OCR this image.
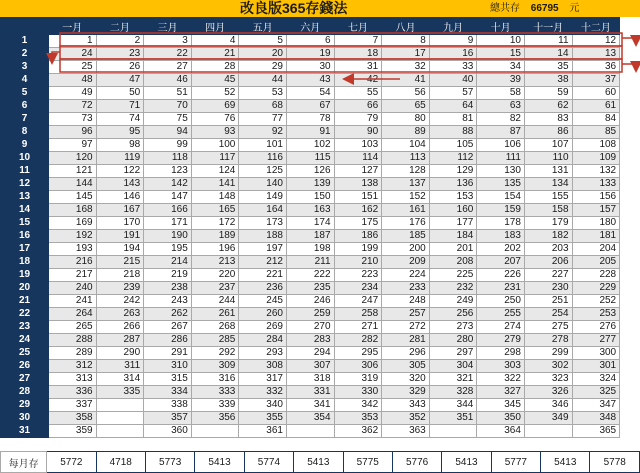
改良版365存錢法	總共存 66795 元
	一月	二月	三月	四月	五月	六月	七月	八月	九月	十月	十一月	十二月
1	1	2	3	4	5	6	7	8	9	10	11	12
2	24	23	22	21	20	19	18	17	16	15	14	13
3	25	26	27	28	29	30	31	32	33	34	35	36
4	48	47	46	45	44	43	42	41	40	39	38	37
5	49	50	51	52	53	54	55	56	57	58	59	60
6	72	71	70	69	68	67	66	65	64	63	62	61
7	73	74	75	76	77	78	79	80	81	82	83	84
8	96	95	94	93	92	91	90	89	88	87	86	85
9	97	98	99	100	101	102	103	104	105	106	107	108
10	120	119	118	117	116	115	114	113	112	111	110	109
11	121	122	123	124	125	126	127	128	129	130	131	132
12	144	143	142	141	140	139	138	137	136	135	134	133
13	145	146	147	148	149	150	151	152	153	154	155	156
14	168	167	166	165	164	163	162	161	160	159	158	157
15	169	170	171	172	173	174	175	176	177	178	179	180
16	192	191	190	189	188	187	186	185	184	183	182	181
17	193	194	195	196	197	198	199	200	201	202	203	204
18	216	215	214	213	212	211	210	209	208	207	206	205
19	217	218	219	220	221	222	223	224	225	226	227	228
20	240	239	238	237	236	235	234	233	232	231	230	229
21	241	242	243	244	245	246	247	248	249	250	251	252
22	264	263	262	261	260	259	258	257	256	255	254	253
23	265	266	267	268	269	270	271	272	273	274	275	276
24	288	287	286	285	284	283	282	281	280	279	278	277
25	289	290	291	292	293	294	295	296	297	298	299	300
26	312	311	310	309	308	307	306	305	304	303	302	301
27	313	314	315	316	317	318	319	320	321	322	323	324
28	336	335	334	333	332	331	330	329	328	327	326	325
29	337		338	339	340	341	342	343	344	345	346	347
30	358		357	356	355	354	353	352	351	350	349	348
31	359		360		361		362	363		364		365
每月存	5772	4718	5773	5413	5774	5413	5775	5776	5413	5777	5413	5778
